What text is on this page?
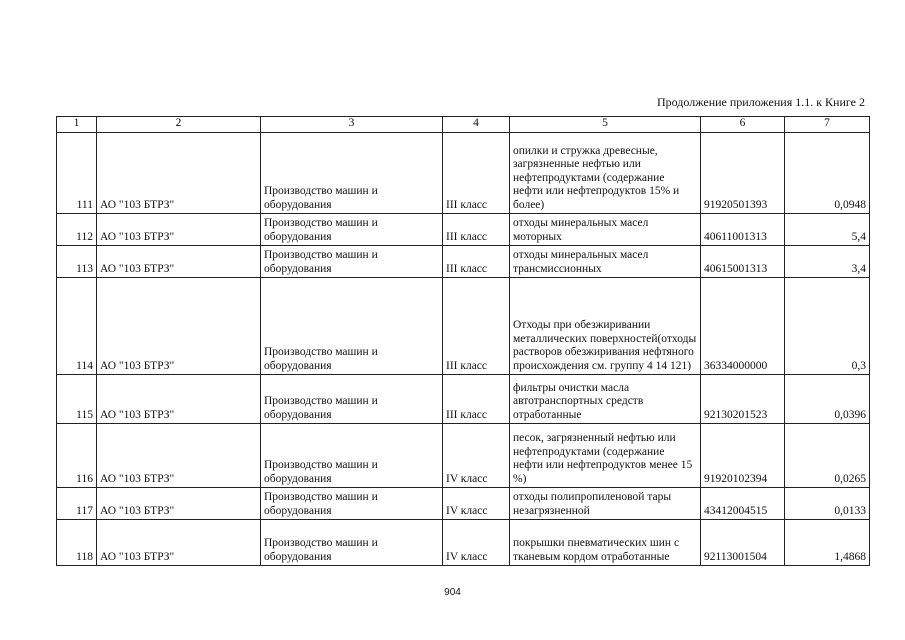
Продолжение приложения 1.1. к Книге 2
1	2	3	4	5	6	7
111	АО "103 БТРЗ"	Производство машин и оборудования	III класс	опилки и стружка древесные, загрязненные нефтью или нефтепродуктами (содержание нефти или нефтепродуктов 15% и более)	91920501393	0,0948
112	АО "103 БТРЗ"	Производство машин и оборудования	III класс	отходы минеральных масел моторных	40611001313	5,4
113	АО "103 БТРЗ"	Производство машин и оборудования	III класс	отходы минеральных масел трансмиссионных	40615001313	3,4
114	АО "103 БТРЗ"	Производство машин и оборудования	III класс	Отходы при обезжиривании металлических поверхностей(отходы растворов обезжиривания нефтяного происхождения см. группу 4 14 121)	36334000000	0,3
115	АО "103 БТРЗ"	Производство машин и оборудования	III класс	фильтры очистки масла автотранспортных средств отработанные	92130201523	0,0396
116	АО "103 БТРЗ"	Производство машин и оборудования	IV класс	песок, загрязненный нефтью или нефтепродуктами (содержание нефти или нефтепродуктов менее 15 %)	91920102394	0,0265
117	АО "103 БТРЗ"	Производство машин и оборудования	IV класс	отходы полипропиленовой тары незагрязненной	43412004515	0,0133
118	АО "103 БТРЗ"	Производство машин и оборудования	IV класс	покрышки пневматических шин с тканевым кордом отработанные	92113001504	1,4868
904
